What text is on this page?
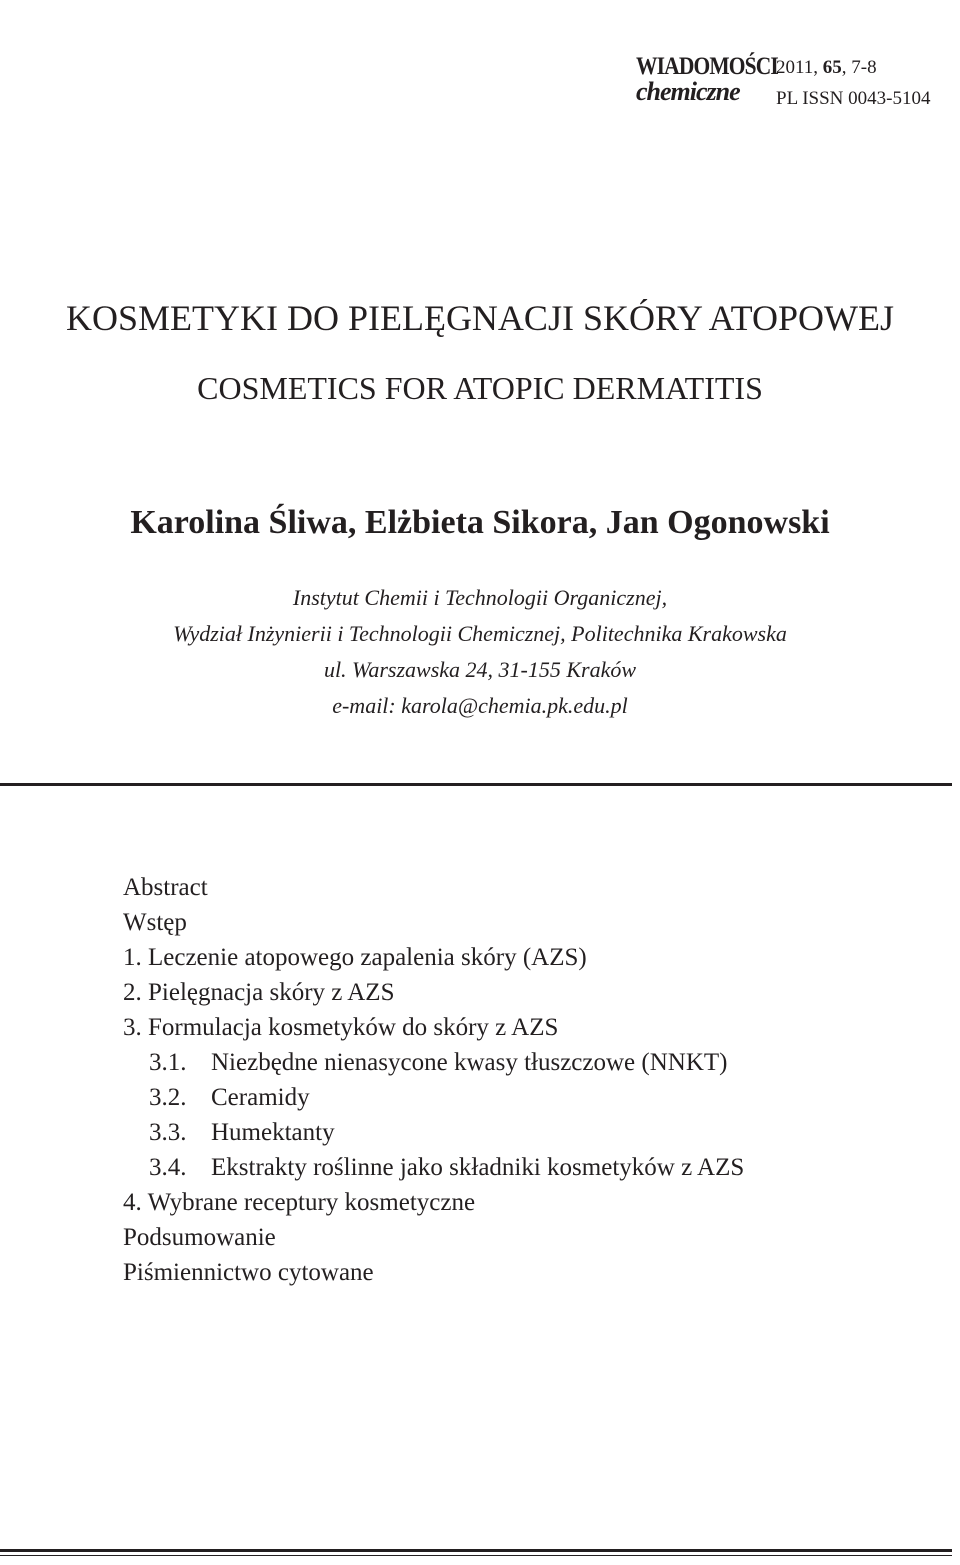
WIADOMOŚCI
chemiczne
2011, 65, 7-8
PL ISSN 0043-5104
KOSMETYKI DO PIELĘGNACJI SKÓRY ATOPOWEJ
COSMETICS FOR ATOPIC DERMATITIS
Karolina Śliwa, Elżbieta Sikora, Jan Ogonowski
Instytut Chemii i Technologii Organicznej,
Wydział Inżynierii i Technologii Chemicznej, Politechnika Krakowska
ul. Warszawska 24, 31-155 Kraków
e-mail: karola@chemia.pk.edu.pl
Abstract
Wstęp
1. Leczenie atopowego zapalenia skóry (AZS)
2. Pielęgnacja skóry z AZS
3. Formulacja kosmetyków do skóry z AZS
3.1. Niezbędne nienasycone kwasy tłuszczowe (NNKT)
3.2. Ceramidy
3.3. Humektanty
3.4. Ekstrakty roślinne jako składniki kosmetyków z AZS
4. Wybrane receptury kosmetyczne
Podsumowanie
Piśmiennictwo cytowane
